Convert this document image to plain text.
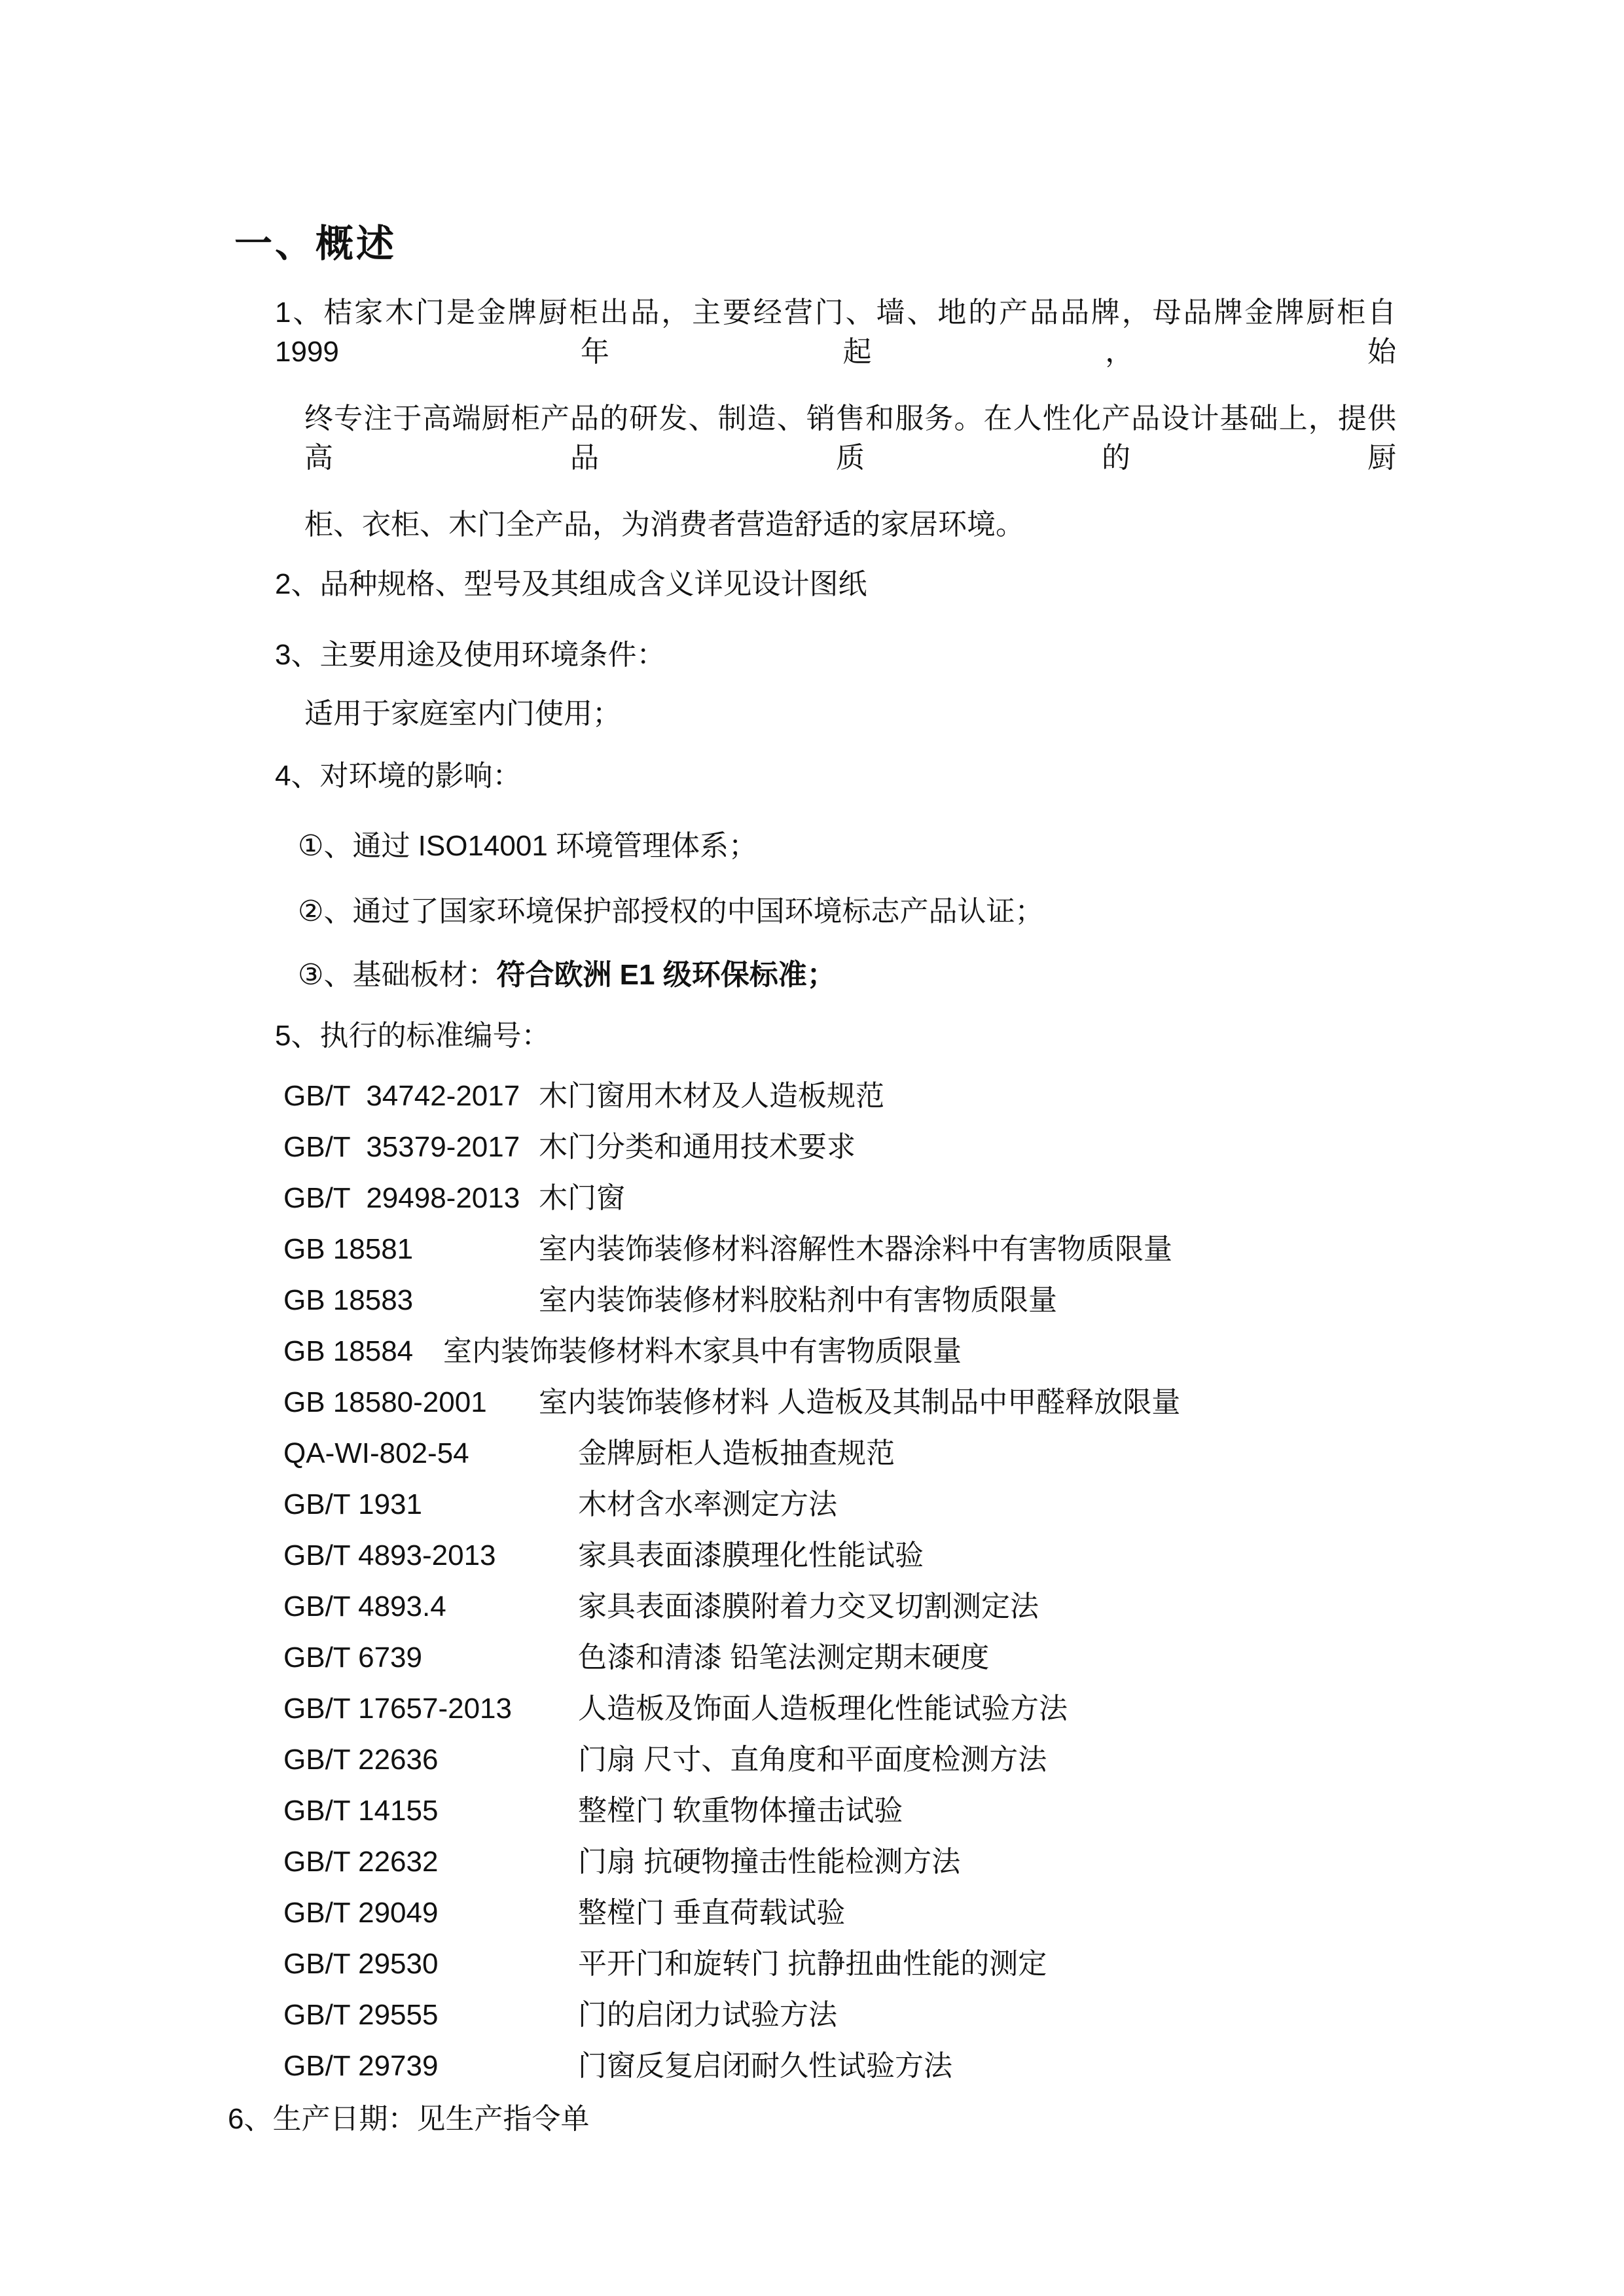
一、概述
1、桔家木门是金牌厨柜出品，主要经营门、墙、地的产品品牌，母品牌金牌厨柜自 1999 年起，始
终专注于高端厨柜产品的研发、制造、销售和服务。在人性化产品设计基础上，提供高品质的厨
柜、衣柜、木门全产品，为消费者营造舒适的家居环境。
2、品种规格、型号及其组成含义详见设计图纸
3、主要用途及使用环境条件：
适用于家庭室内门使用；
4、对环境的影响：
①、通过 ISO14001 环境管理体系；
②、通过了国家环境保护部授权的中国环境标志产品认证；
③、基础板材：符合欧洲 E1 级环保标准；
5、执行的标准编号：
GB/T  34742-2017 木门窗用木材及人造板规范
GB/T  35379-2017 木门分类和通用技术要求
GB/T  29498-2013 木门窗
GB 18581	室内装饰装修材料溶解性木器涂料中有害物质限量
GB 18583	室内装饰装修材料胶粘剂中有害物质限量
GB 18584 室内装饰装修材料木家具中有害物质限量
GB 18580-2001 室内装饰装修材料 人造板及其制品中甲醛释放限量
QA-WI-802-54	金牌厨柜人造板抽查规范
GB/T 1931	木材含水率测定方法
GB/T 4893-2013	家具表面漆膜理化性能试验
GB/T 4893.4	家具表面漆膜附着力交叉切割测定法
GB/T 6739	色漆和清漆 铅笔法测定期末硬度
GB/T 17657-2013 人造板及饰面人造板理化性能试验方法
GB/T 22636	门扇 尺寸、直角度和平面度检测方法
GB/T 14155	整樘门 软重物体撞击试验
GB/T 22632	门扇 抗硬物撞击性能检测方法
GB/T 29049	整樘门 垂直荷载试验
GB/T 29530	平开门和旋转门 抗静扭曲性能的测定
GB/T 29555	门的启闭力试验方法
GB/T 29739	门窗反复启闭耐久性试验方法
6、生产日期：见生产指令单
